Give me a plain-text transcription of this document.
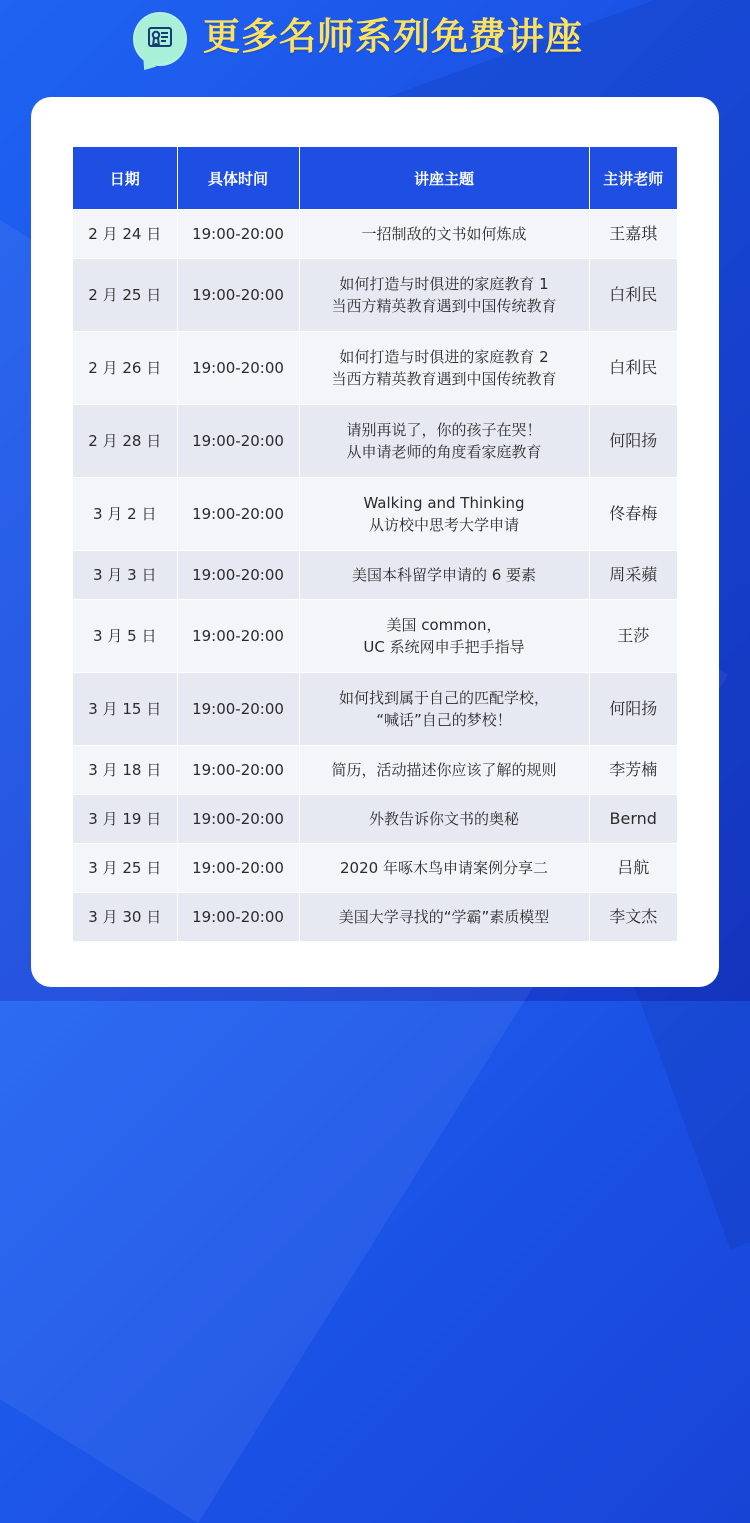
更多名师系列免费讲座
日期	具体时间	讲座主题	主讲老师
2 月 24 日	19:00-20:00	一招制敌的文书如何炼成	王嘉琪
2 月 25 日	19:00-20:00	如何打造与时俱进的家庭教育 1
当西方精英教育遇到中国传统教育	白利民
2 月 26 日	19:00-20:00	如何打造与时俱进的家庭教育 2
当西方精英教育遇到中国传统教育	白利民
2 月 28 日	19:00-20:00	请别再说了，你的孩子在哭！
从申请老师的角度看家庭教育	何阳扬
3 月 2 日	19:00-20:00	Walking and Thinking
从访校中思考大学申请	佟春梅
3 月 3 日	19:00-20:00	美国本科留学申请的 6 要素	周采蘋
3 月 5 日	19:00-20:00	美国 common，
UC 系统网申手把手指导	王莎
3 月 15 日	19:00-20:00	如何找到属于自己的匹配学校，
“喊话”自己的梦校！	何阳扬
3 月 18 日	19:00-20:00	简历，活动描述你应该了解的规则	李芳楠
3 月 19 日	19:00-20:00	外教告诉你文书的奥秘	Bernd
3 月 25 日	19:00-20:00	2020 年啄木鸟申请案例分享二	吕航
3 月 30 日	19:00-20:00	美国大学寻找的“学霸”素质模型	李文杰
